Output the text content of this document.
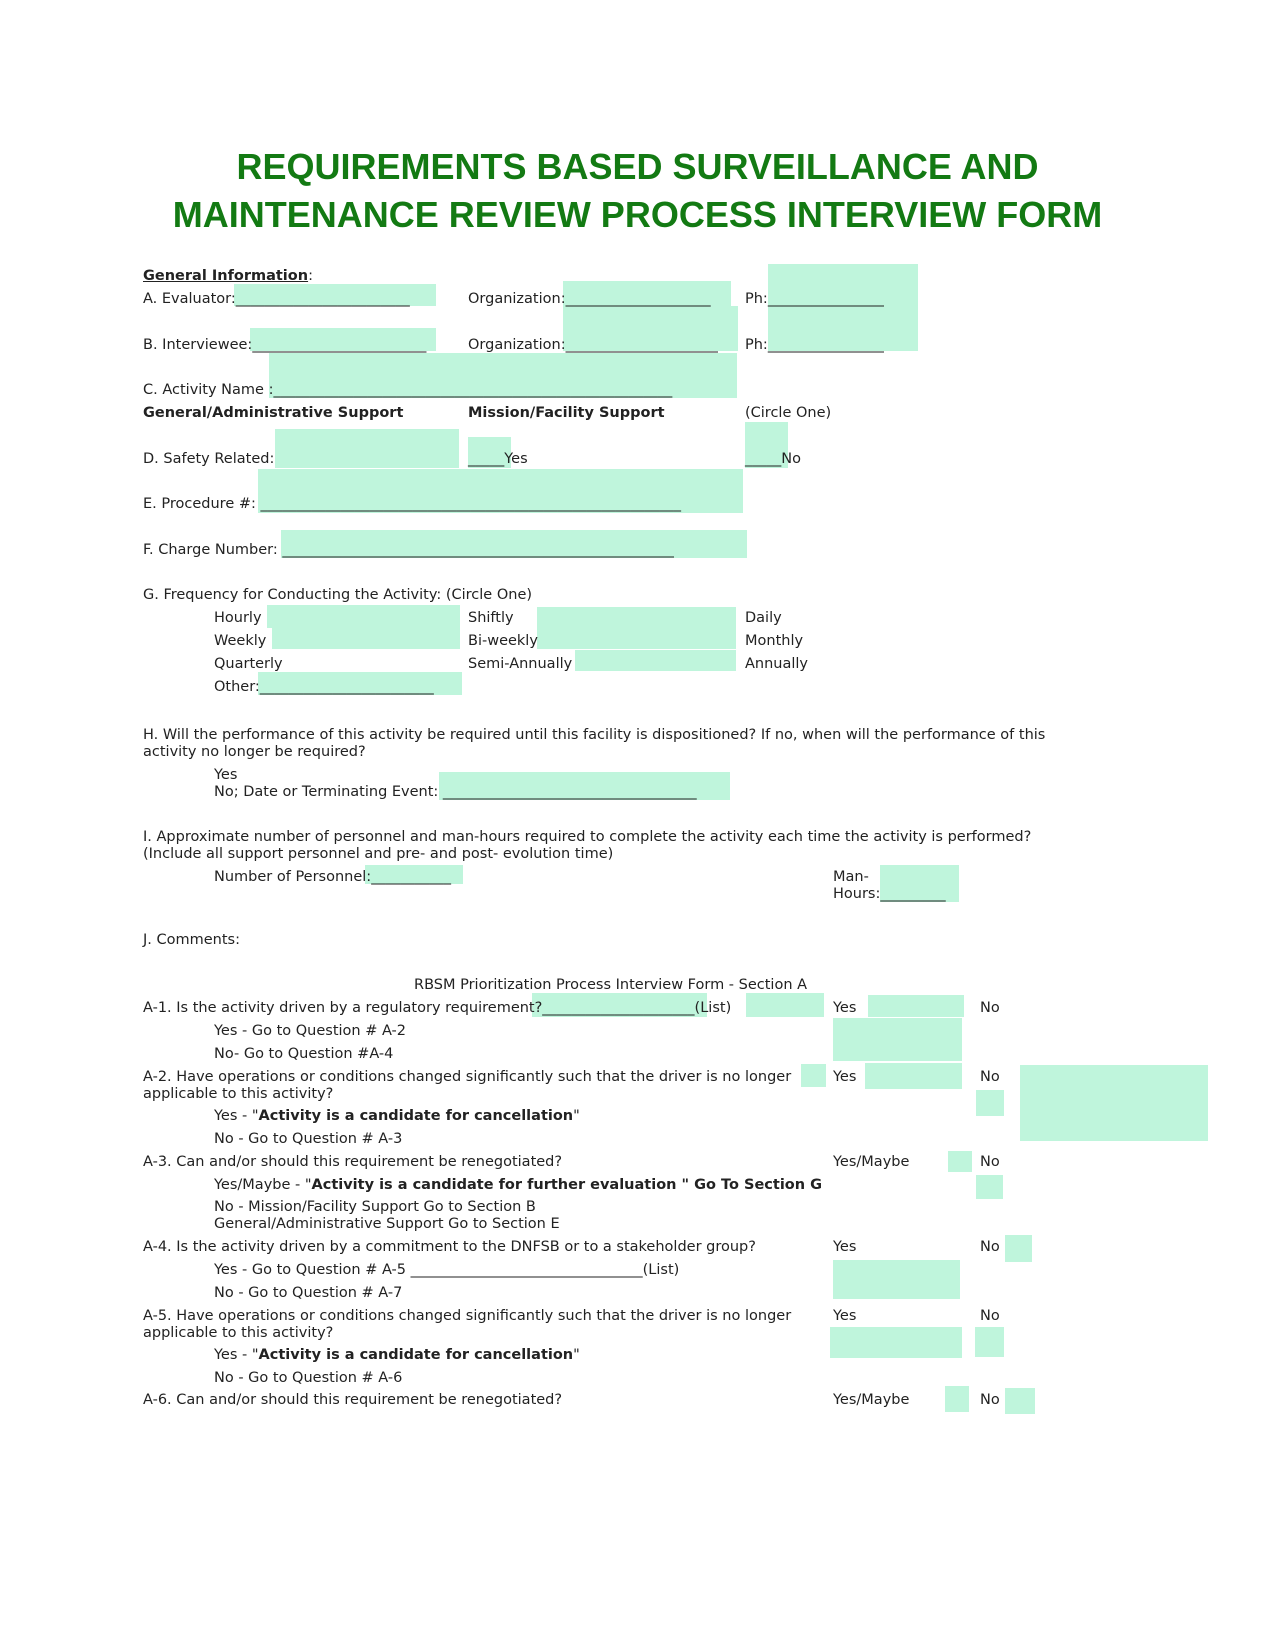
REQUIREMENTS BASED SURVEILLANCE AND
MAINTENANCE REVIEW PROCESS INTERVIEW FORM
General Information:
A. Evaluator:________________________	Organization:____________________ Ph:________________
B. Interviewee:________________________	Organization:_____________________ Ph:________________
C. Activity Name :_______________________________________________________
General/Administrative Support	Mission/Facility Support	(Circle One)
D. Safety Related:	_____Yes	_____No
E. Procedure #: __________________________________________________________
F. Charge Number: ______________________________________________________
G. Frequency for Conducting the Activity: (Circle One)
Hourly	Shiftly	Daily
Weekly	Bi-weekly	Monthly
Quarterly	Semi-Annually	Annually
Other:________________________
H. Will the performance of this activity be required until this facility is dispositioned? If no, when will the performance of this activity no longer be required?
Yes
No; Date or Terminating Event: ___________________________________
I. Approximate number of personnel and man-hours required to complete the activity each time the activity is performed? (Include all support personnel and pre- and post- evolution time)
Number of Personnel:___________	Man-
Hours:_________
J. Comments:
RBSM Prioritization Process Interview Form - Section A
A-1. Is the activity driven by a regulatory requirement?_____________________(List)	Yes	No
Yes - Go to Question # A-2
No- Go to Question #A-4
A-2. Have operations or conditions changed significantly such that the driver is no longer applicable to this activity?
Yes	No
Yes - "Activity is a candidate for cancellation"
No - Go to Question # A-3
A-3. Can and/or should this requirement be renegotiated?	Yes/Maybe	No
Yes/Maybe - "Activity is a candidate for further evaluation " Go To Section G
No - Mission/Facility Support Go to Section B
General/Administrative Support Go to Section E
A-4. Is the activity driven by a commitment to the DNFSB or to a stakeholder group?	Yes	No
Yes - Go to Question # A-5 ________________________________(List)
No - Go to Question # A-7
A-5. Have operations or conditions changed significantly such that the driver is no longer applicable to this activity?
Yes	No
Yes - "Activity is a candidate for cancellation"
No - Go to Question # A-6
A-6. Can and/or should this requirement be renegotiated?	Yes/Maybe	No
